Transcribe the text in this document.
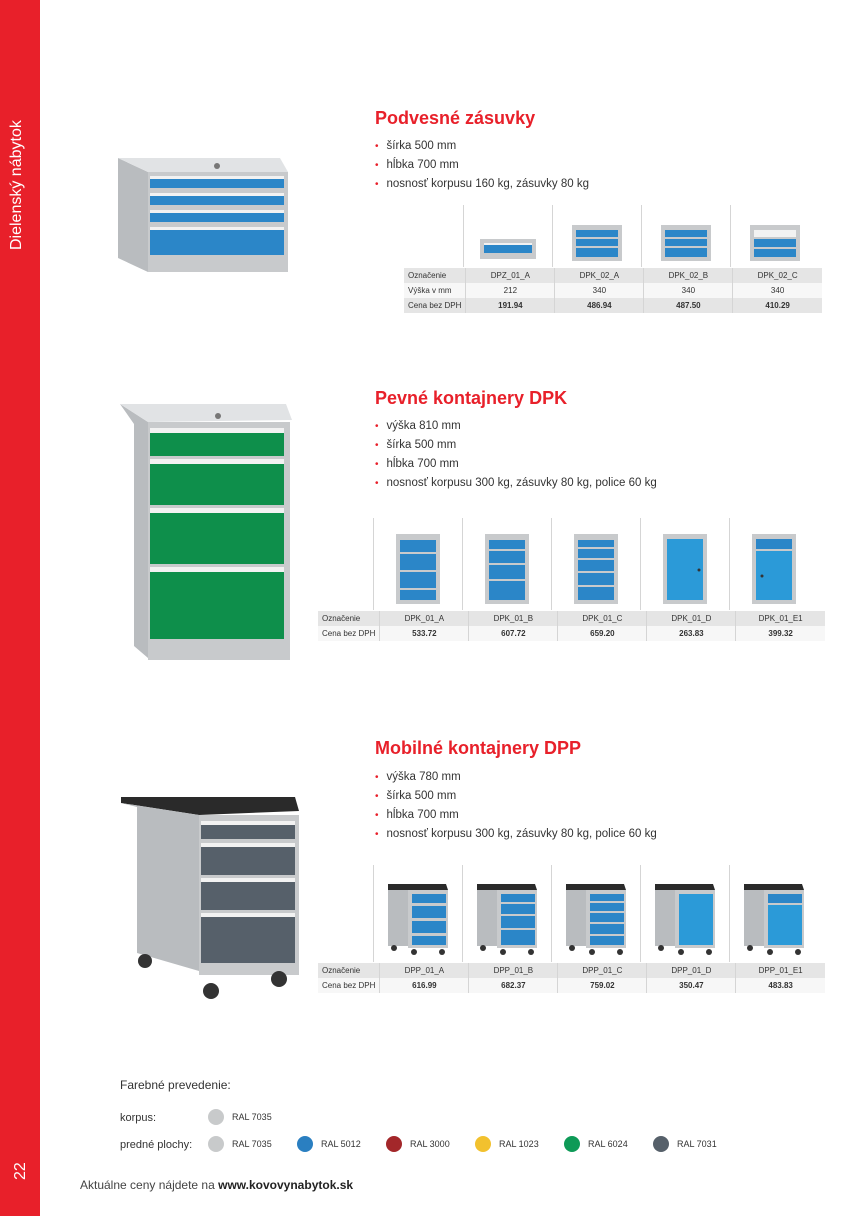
Dielenský nábytok
22
Podvesné zásuvky
• šírka 500 mm
• hĺbka 700 mm
• nosnosť korpusu 160 kg, zásuvky 80 kg
Označenie	DPZ_01_A	DPK_02_A	DPK_02_B	DPK_02_C
Výška v mm	212	340	340	340
Cena bez DPH	191.94	486.94	487.50	410.29
Pevné kontajnery DPK
• výška 810 mm
• šírka 500 mm
• hĺbka 700 mm
• nosnosť korpusu 300 kg, zásuvky 80 kg, police 60 kg
Označenie	DPK_01_A	DPK_01_B	DPK_01_C	DPK_01_D	DPK_01_E1
Cena bez DPH	533.72	607.72	659.20	263.83	399.32
Mobilné kontajnery DPP
• výška 780 mm
• šírka 500 mm
• hĺbka 700 mm
• nosnosť korpusu 300 kg, zásuvky 80 kg, police 60 kg
Označenie	DPP_01_A	DPP_01_B	DPP_01_C	DPP_01_D	DPP_01_E1
Cena bez DPH	616.99	682.37	759.02	350.47	483.83
Farebné prevedenie:
korpus:
predné plochy:
RAL 7035
RAL 7035	RAL 5012	RAL 3000	RAL 1023	RAL 6024	RAL 7031
Aktuálne ceny nájdete na www.kovovynabytok.sk
